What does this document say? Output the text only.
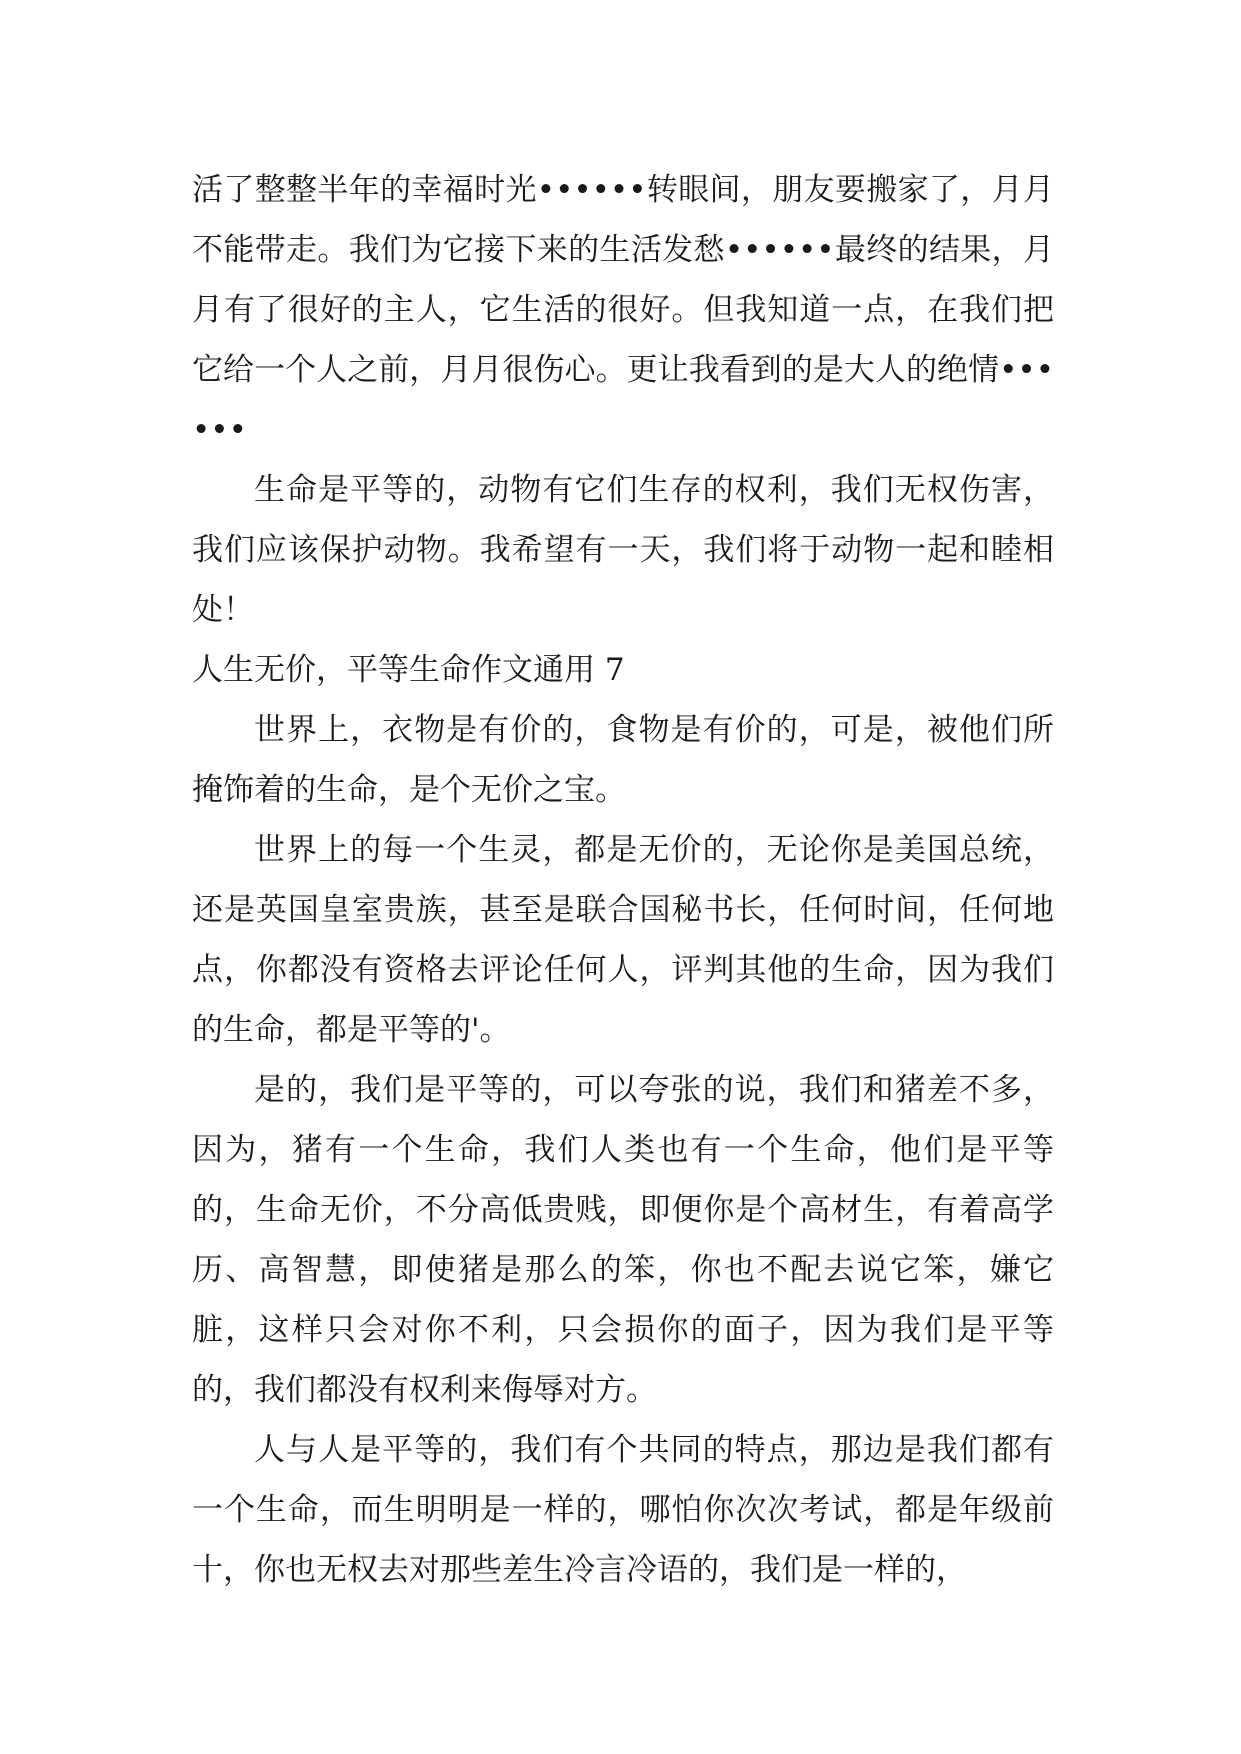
活了整整半年的幸福时光••••••转眼间，朋友要搬家了，月月不能带走。我们为它接下来的生活发愁••••••最终的结果，月月有了很好的主人，它生活的很好。但我知道一点，在我们把它给一个人之前，月月很伤心。更让我看到的是大人的绝情••••••

生命是平等的，动物有它们生存的权利，我们无权伤害，我们应该保护动物。我希望有一天，我们将于动物一起和睦相处！

人生无价，平等生命作文通用 7

世界上，衣物是有价的，食物是有价的，可是，被他们所掩饰着的生命，是个无价之宝。

世界上的每一个生灵，都是无价的，无论你是美国总统，还是英国皇室贵族，甚至是联合国秘书长，任何时间，任何地点，你都没有资格去评论任何人，评判其他的生命，因为我们的生命，都是平等的'。

是的，我们是平等的，可以夸张的说，我们和猪差不多，因为，猪有一个生命，我们人类也有一个生命，他们是平等的，生命无价，不分高低贵贱，即便你是个高材生，有着高学历、高智慧，即使猪是那么的笨，你也不配去说它笨，嫌它脏，这样只会对你不利，只会损你的面子，因为我们是平等的，我们都没有权利来侮辱对方。

人与人是平等的，我们有个共同的特点，那边是我们都有一个生命，而生明明是一样的，哪怕你次次考试，都是年级前十，你也无权去对那些差生冷言冷语的，我们是一样的，
